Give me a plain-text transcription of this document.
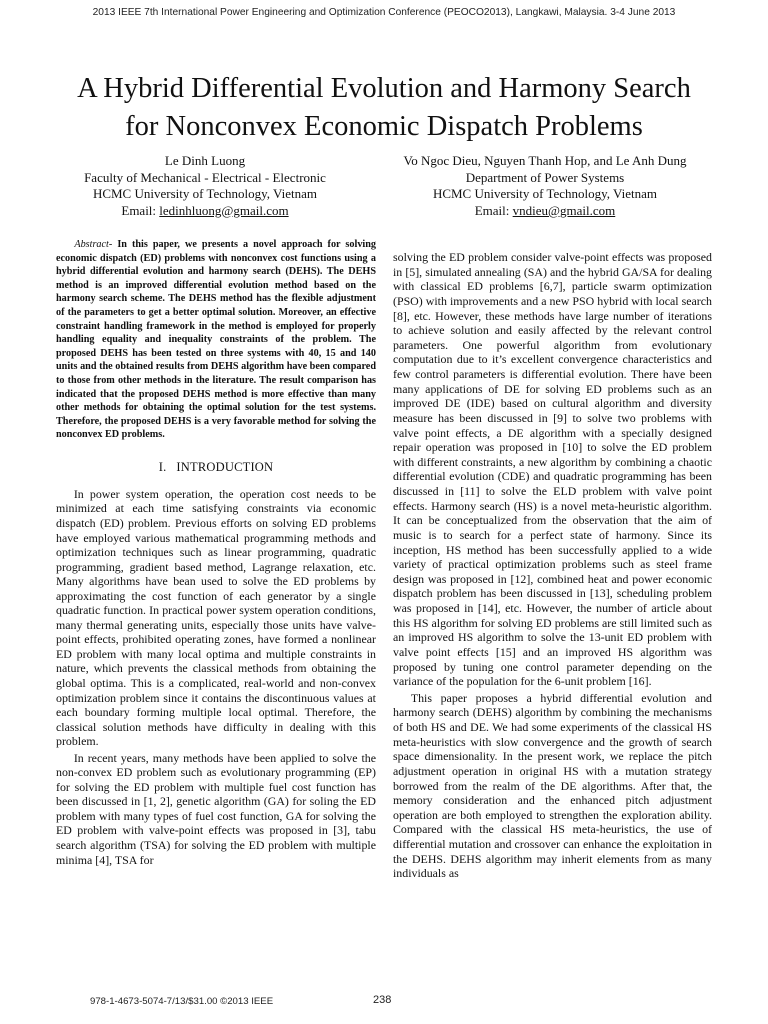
2013 IEEE 7th International Power Engineering and Optimization Conference (PEOCO2013), Langkawi, Malaysia. 3-4 June 2013
A Hybrid Differential Evolution and Harmony Search
for Nonconvex Economic Dispatch Problems
Le Dinh Luong
Faculty of Mechanical - Electrical - Electronic
HCMC University of Technology, Vietnam
Email: ledinhluong@gmail.com
Vo Ngoc Dieu, Nguyen Thanh Hop, and Le Anh Dung
Department of Power Systems
HCMC University of Technology, Vietnam
Email: vndieu@gmail.com

Abstract- In this paper, we presents a novel approach for solving economic dispatch (ED) problems with nonconvex cost functions using a hybrid differential evolution and harmony search (DEHS). The DEHS method is an improved differential evolution method based on the harmony search scheme. The DEHS method has the flexible adjustment of the parameters to get a better optimal solution. Moreover, an effective constraint handling framework in the method is employed for properly handling equality and inequality constraints of the problem. The proposed DEHS has been tested on three systems with 40, 15 and 140 units and the obtained results from DEHS algorithm have been compared to those from other methods in the literature. The result comparison has indicated that the proposed DEHS method is more effective than many other methods for obtaining the optimal solution for the test systems. Therefore, the proposed DEHS is a very favorable method for solving the nonconvex ED problems.

I. INTRODUCTION

In power system operation, the operation cost needs to be minimized at each time satisfying constraints via economic dispatch (ED) problem. Previous efforts on solving ED problems have employed various mathematical programming methods and optimization techniques such as linear programming, quadratic programming, gradient based method, Lagrange relaxation, etc. Many algorithms have bean used to solve the ED problems by approximating the cost function of each generator by a single quadratic function. In practical power system operation conditions, many thermal generating units, especially those units have valve-point effects, prohibited operating zones, have formed a nonlinear ED problem with many local optima and multiple constraints in nature, which prevents the classical methods from obtaining the global optima. This is a complicated, real-world and non-convex optimization problem since it contains the discontinuous values at each boundary forming multiple local optimal. Therefore, the classical solution methods have difficulty in dealing with this problem.

In recent years, many methods have been applied to solve the non-convex ED problem such as evolutionary programming (EP) for solving the ED problem with multiple fuel cost function has been discussed in [1, 2], genetic algorithm (GA) for soling the ED problem with many types of fuel cost function, GA for solving the ED problem with valve-point effects was proposed in [3], tabu search algorithm (TSA) for solving the ED problem with multiple minima [4], TSA for

solving the ED problem consider valve-point effects was proposed in [5], simulated annealing (SA) and the hybrid GA/SA for dealing with classical ED problems [6,7], particle swarm optimization (PSO) with improvements and a new PSO hybrid with local search [8], etc. However, these methods have large number of iterations to achieve solution and easily affected by the relevant control parameters. One powerful algorithm from evolutionary computation due to it’s excellent convergence characteristics and few control parameters is differential evolution. There have been many applications of DE for solving ED problems such as an improved DE (IDE) based on cultural algorithm and diversity measure has been discussed in [9] to solve two problems with valve point effects, a DE algorithm with a specially designed repair operation was proposed in [10] to solve the ED problem with different constraints, a new algorithm by combining a chaotic differential evolution (CDE) and quadratic programming has been discussed in [11] to solve the ELD problem with valve point effects. Harmony search (HS) is a novel meta-heuristic algorithm. It can be conceptualized from the observation that the aim of music is to search for a perfect state of harmony. Since its inception, HS method has been successfully applied to a wide variety of practical optimization problems such as steel frame design was proposed in [12], combined heat and power economic dispatch problem has been discussed in [13], scheduling problem was proposed in [14], etc. However, the number of article about this HS algorithm for solving ED problems are still limited such as an improved HS algorithm to solve the 13-unit ED problem with valve point effects [15] and an improved HS algorithm was proposed by tuning one control parameter depending on the variance of the population for the 6-unit problem [16].

This paper proposes a hybrid differential evolution and harmony search (DEHS) algorithm by combining the mechanisms of both HS and DE. We had some experiments of the classical HS meta-heuristics with slow convergence and the growth of search space dimensionality. In the present work, we replace the pitch adjustment operation in original HS with a mutation strategy borrowed from the realm of the DE algorithms. After that, the memory consideration and the enhanced pitch adjustment operation are both employed to strengthen the exploration ability. Compared with the classical HS meta-heuristics, the use of differential mutation and crossover can enhance the exploitation in the DEHS. DEHS algorithm may inherit elements from as many individuals as

978-1-4673-5074-7/13/$31.00 ©2013 IEEE	238
